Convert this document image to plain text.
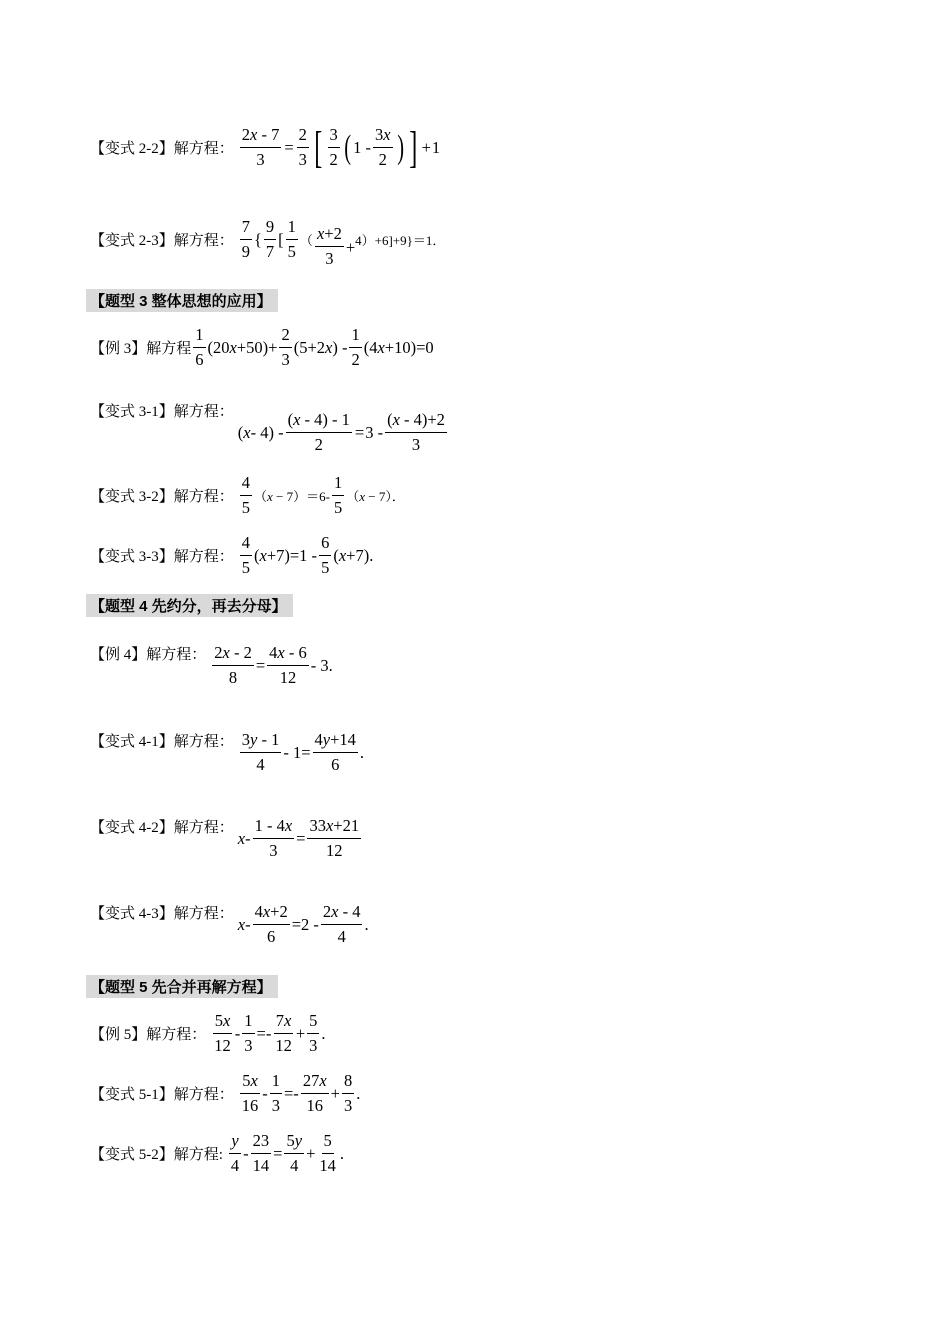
【变式 2-2】解方程： $\frac{2x - 7}{3} = \frac{2}{3}$ [ $\frac{3}{2}$ ( $1 - \frac{3x}{2}$ ) ] + 1
【变式 2-3】解方程： $\frac{7}{9}$ { $\frac{9}{7}$ [ $\frac{1}{5}$ （ $\frac{x+2}{3} + 4)+6]+9\}=1$．
【题型 3 整体思想的应用】
【例 3】解方程 $\frac{1}{6} (20$ $x +50)+ \frac{2}{3} (5+2$ x ) - $\frac{1}{2} (4$ x +10)=0
【变式 3-1】解方程：
( $x - 4) - \frac{(x - 4) - 1}{2} = 3 - \frac{(x - 4)+2}{3}$
【变式 3-2】解方程： $\frac{4}{5} (x - 7)=6- \frac{1}{5} (x - 7)$．
【变式 3-3】解方程： $\frac{4}{5}$ ( $x +7)=1 - \frac{6}{5}$ ( x +7).
【题型 4 先约分，再去分母】
【例 4】解方程： $\frac{2x - 2}{8} = \frac{4x - 6}{12} - 3$.
【变式 4-1】解方程： $\frac{3y - 1}{4} - 1= \frac{4y+14}{6}$ .
【变式 4-2】解方程：
$x - \frac{1 - 4x}{3} = \frac{33x+21}{12}$
【变式 4-3】解方程：
$x - \frac{4x+2}{6} =2 - \frac{2x - 4}{4}$ .
【题型 5 先合并再解方程】
【例 5】解方程： $\frac{5x}{12} - \frac{1}{3} =- \frac{7x}{12} + \frac{5}{3}$ .
【变式 5-1】解方程： $\frac{5x}{16} - \frac{1}{3} =- \frac{27x}{16} + \frac{8}{3}$ .
【变式 5-2】解方程: $\frac{y}{4} - \frac{23}{14} = \frac{5y}{4} + \frac{5}{14}$ .
